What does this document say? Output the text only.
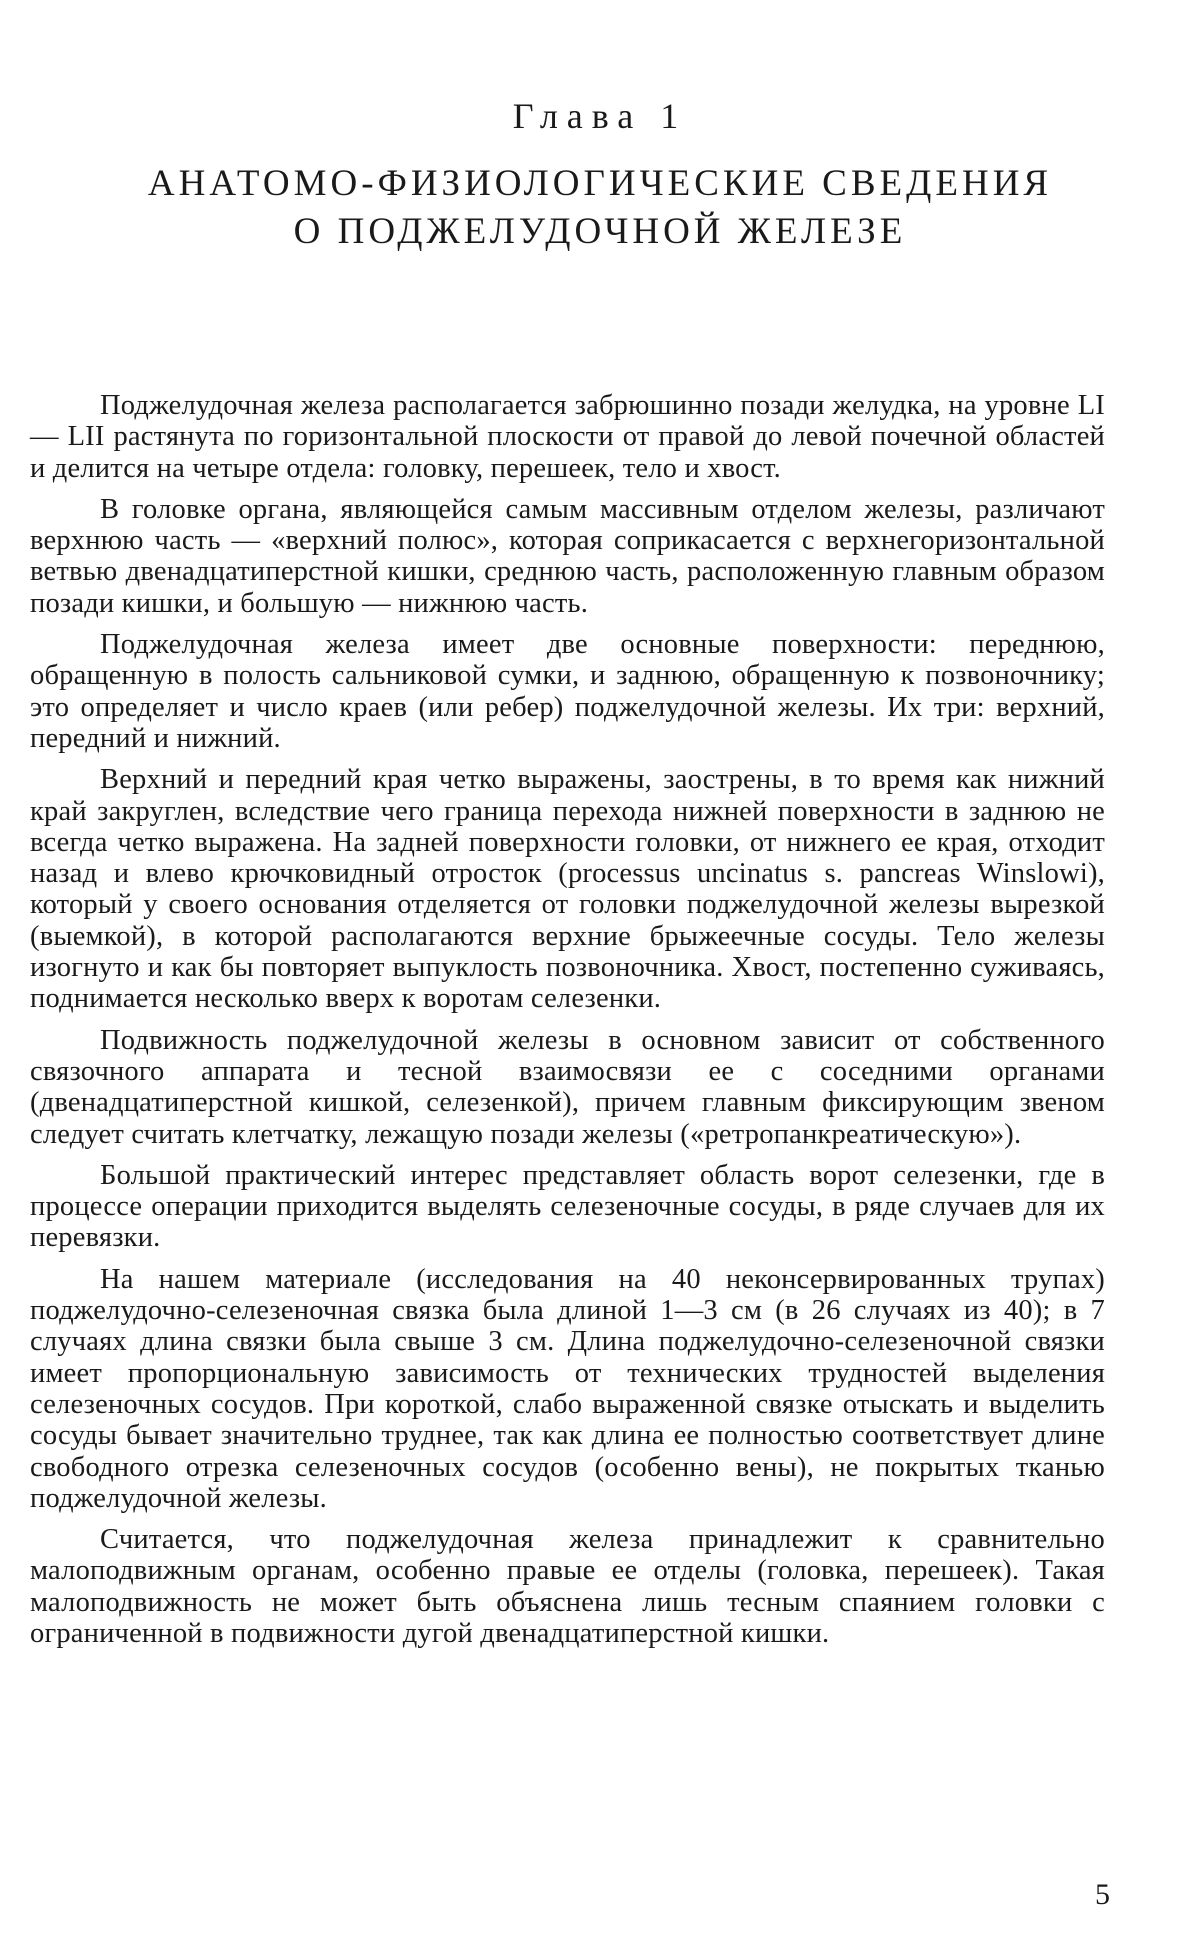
Глава 1
АНАТОМО-ФИЗИОЛОГИЧЕСКИЕ СВЕДЕНИЯ
О ПОДЖЕЛУДОЧНОЙ ЖЕЛЕЗЕ

Поджелудочная железа располагается забрюшинно позади желудка, на уровне LI — LII растянута по горизонтальной плоскости от правой до левой почечной областей и делится на четыре отдела: головку, перешеек, тело и хвост.

В головке органа, являющейся самым массивным отделом железы, различают верхнюю часть — «верхний полюс», которая соприкасается с верхнегоризонтальной ветвью двенадцатиперстной кишки, среднюю часть, расположенную главным образом позади кишки, и большую — нижнюю часть.

Поджелудочная железа имеет две основные поверхности: переднюю, обращенную в полость сальниковой сумки, и заднюю, обращенную к позвоночнику; это определяет и число краев (или ребер) поджелудочной железы. Их три: верхний, передний и нижний.

Верхний и передний края четко выражены, заострены, в то время как нижний край закруглен, вследствие чего граница перехода нижней поверхности в заднюю не всегда четко выражена. На задней поверхности головки, от нижнего ее края, отходит назад и влево крючковидный отросток (processus uncinatus s. pancreas Winslowi), который у своего основания отделяется от головки поджелудочной железы вырезкой (выемкой), в которой располагаются верхние брыжеечные сосуды. Тело железы изогнуто и как бы повторяет выпуклость позвоночника. Хвост, постепенно суживаясь, поднимается несколько вверх к воротам селезенки.

Подвижность поджелудочной железы в основном зависит от собственного связочного аппарата и тесной взаимосвязи ее с соседними органами (двенадцатиперстной кишкой, селезенкой), причем главным фиксирующим звеном следует считать клетчатку, лежащую позади железы («ретропанкреатическую»).

Большой практический интерес представляет область ворот селезенки, где в процессе операции приходится выделять селезеночные сосуды, в ряде случаев для их перевязки.

На нашем материале (исследования на 40 неконсервированных трупах) поджелудочно-селезеночная связка была длиной 1—3 см (в 26 случаях из 40); в 7 случаях длина связки была свыше 3 см. Длина поджелудочно-селезеночной связки имеет пропорциональную зависимость от технических трудностей выделения селезеночных сосудов. При короткой, слабо выраженной связке отыскать и выделить сосуды бывает значительно труднее, так как длина ее полностью соответствует длине свободного отрезка селезеночных сосудов (особенно вены), не покрытых тканью поджелудочной железы.

Считается, что поджелудочная железа принадлежит к сравнительно малоподвижным органам, особенно правые ее отделы (головка, перешеек). Такая малоподвижность не может быть объяснена лишь тесным спаянием головки с ограниченной в подвижности дугой двенадцатиперстной кишки.

5
